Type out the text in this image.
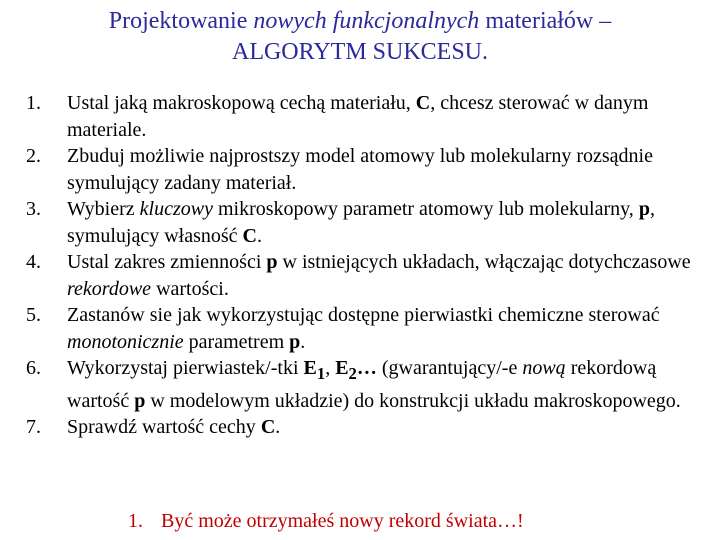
Projektowanie nowych funkcjonalnych materiałów –
ALGORYTM SUKCESU.
1.	Ustal jaką makroskopową cechą materiału, C, chcesz sterować w danym materiale.
2.	Zbuduj możliwie najprostszy model atomowy lub molekularny rozsądnie symulujący zadany materiał.
3.	Wybierz kluczowy mikroskopowy parametr atomowy lub molekularny, p, symulujący własność C.
4.	Ustal zakres zmienności p w istniejących układach, włączając dotychczasowe rekordowe wartości.
5.	Zastanów sie jak wykorzystując dostępne pierwiastki chemiczne sterować monotonicznie parametrem p.
6.	Wykorzystaj pierwiastek/-tki $E_1$, $E_2\dots$ (gwarantujący/-e nową rekordową wartość p w modelowym układzie) do konstrukcji układu makroskopowego.
7.	Sprawdź wartość cechy C.
1. Być może otrzymałeś nowy rekord świata…!
